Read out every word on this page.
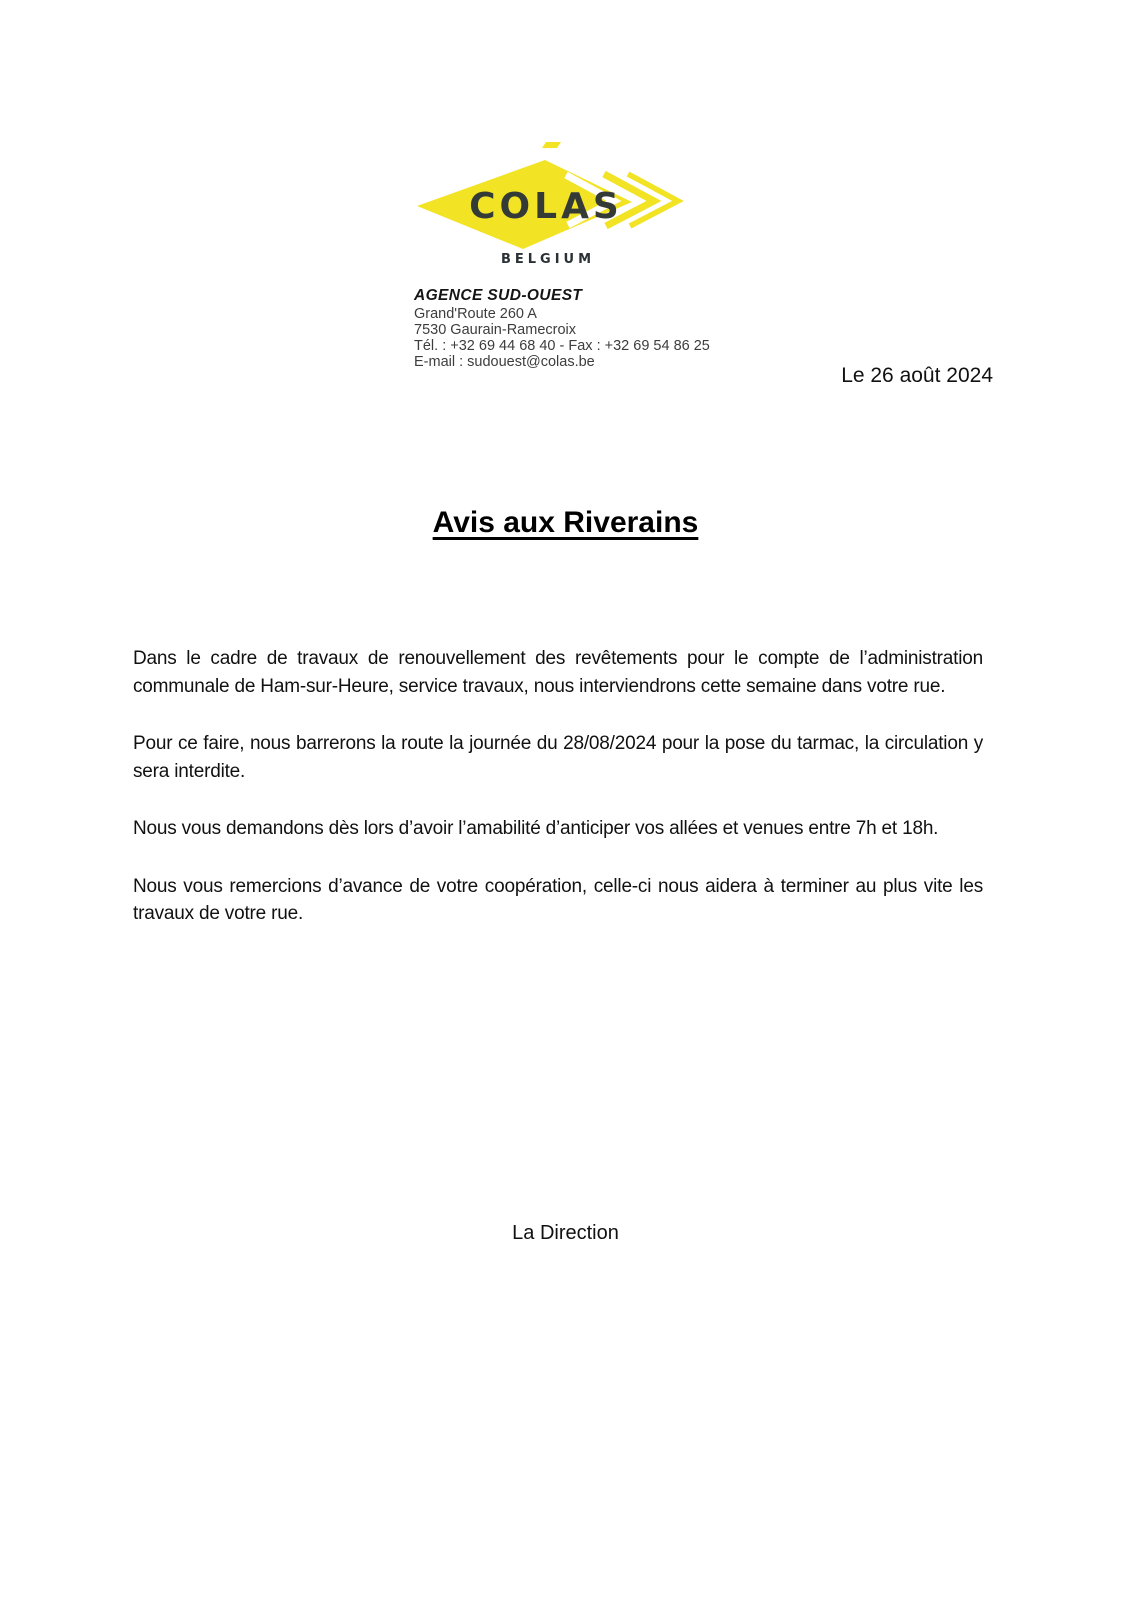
COLAS
BELGIUM
AGENCE SUD-OUEST
Grand'Route 260 A
7530 Gaurain-Ramecroix
Tél. : +32 69 44 68 40 - Fax : +32 69 54 86 25
E-mail : sudouest@colas.be
Le 26 août 2024
Avis aux Riverains

Dans le cadre de travaux de renouvellement des revêtements pour le compte de l’administration communale de Ham-sur-Heure, service travaux, nous interviendrons cette semaine dans votre rue.

Pour ce faire, nous barrerons la route la journée du 28/08/2024 pour la pose du tarmac, la circulation y sera interdite.

Nous vous demandons dès lors d’avoir l’amabilité d’anticiper vos allées et venues entre 7h et 18h.

Nous vous remercions d’avance de votre coopération, celle-ci nous aidera à terminer au plus vite les travaux de votre rue.

La Direction
